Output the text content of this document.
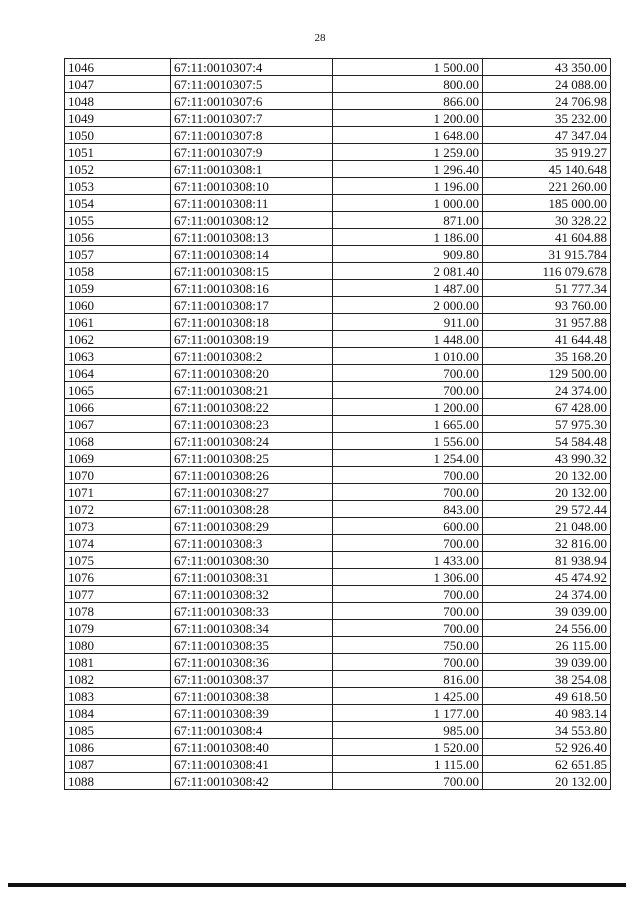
28
1046	67:11:0010307:4	1 500.00	43 350.00
1047	67:11:0010307:5	800.00	24 088.00
1048	67:11:0010307:6	866.00	24 706.98
1049	67:11:0010307:7	1 200.00	35 232.00
1050	67:11:0010307:8	1 648.00	47 347.04
1051	67:11:0010307:9	1 259.00	35 919.27
1052	67:11:0010308:1	1 296.40	45 140.648
1053	67:11:0010308:10	1 196.00	221 260.00
1054	67:11:0010308:11	1 000.00	185 000.00
1055	67:11:0010308:12	871.00	30 328.22
1056	67:11:0010308:13	1 186.00	41 604.88
1057	67:11:0010308:14	909.80	31 915.784
1058	67:11:0010308:15	2 081.40	116 079.678
1059	67:11:0010308:16	1 487.00	51 777.34
1060	67:11:0010308:17	2 000.00	93 760.00
1061	67:11:0010308:18	911.00	31 957.88
1062	67:11:0010308:19	1 448.00	41 644.48
1063	67:11:0010308:2	1 010.00	35 168.20
1064	67:11:0010308:20	700.00	129 500.00
1065	67:11:0010308:21	700.00	24 374.00
1066	67:11:0010308:22	1 200.00	67 428.00
1067	67:11:0010308:23	1 665.00	57 975.30
1068	67:11:0010308:24	1 556.00	54 584.48
1069	67:11:0010308:25	1 254.00	43 990.32
1070	67:11:0010308:26	700.00	20 132.00
1071	67:11:0010308:27	700.00	20 132.00
1072	67:11:0010308:28	843.00	29 572.44
1073	67:11:0010308:29	600.00	21 048.00
1074	67:11:0010308:3	700.00	32 816.00
1075	67:11:0010308:30	1 433.00	81 938.94
1076	67:11:0010308:31	1 306.00	45 474.92
1077	67:11:0010308:32	700.00	24 374.00
1078	67:11:0010308:33	700.00	39 039.00
1079	67:11:0010308:34	700.00	24 556.00
1080	67:11:0010308:35	750.00	26 115.00
1081	67:11:0010308:36	700.00	39 039.00
1082	67:11:0010308:37	816.00	38 254.08
1083	67:11:0010308:38	1 425.00	49 618.50
1084	67:11:0010308:39	1 177.00	40 983.14
1085	67:11:0010308:4	985.00	34 553.80
1086	67:11:0010308:40	1 520.00	52 926.40
1087	67:11:0010308:41	1 115.00	62 651.85
1088	67:11:0010308:42	700.00	20 132.00
